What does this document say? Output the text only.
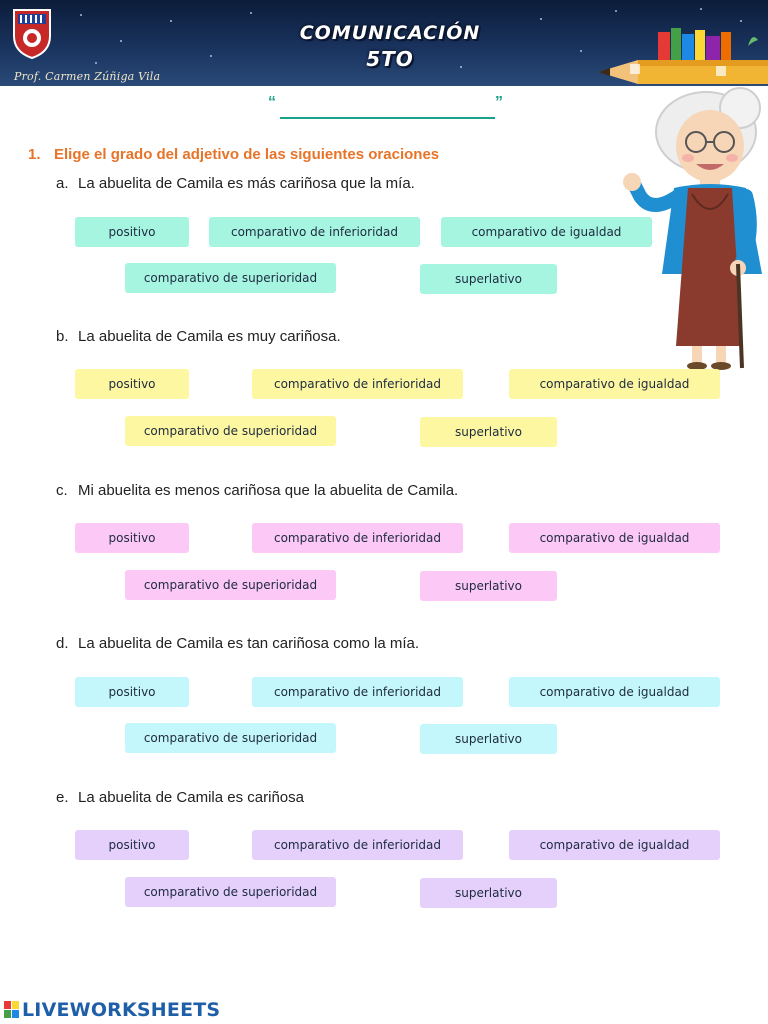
COMUNICACIÓN
5TO
Prof. Carmen Zúñiga Vila
“	”
1. Elige el grado del adjetivo de las siguientes oraciones
a. La abuelita de Camila es más cariñosa que la mía.
positivo	comparativo de inferioridad	comparativo de igualdad
comparativo de superioridad	superlativo
b. La abuelita de Camila es muy cariñosa.
positivo	comparativo de inferioridad	comparativo de igualdad
comparativo de superioridad	superlativo
c. Mi abuelita es menos cariñosa que la abuelita de Camila.
positivo	comparativo de inferioridad	comparativo de igualdad
comparativo de superioridad	superlativo
d. La abuelita de Camila es tan cariñosa como la mía.
positivo	comparativo de inferioridad	comparativo de igualdad
comparativo de superioridad	superlativo
e. La abuelita de Camila es cariñosa
positivo	comparativo de inferioridad	comparativo de igualdad
comparativo de superioridad	superlativo
LIVEWORKSHEETS
